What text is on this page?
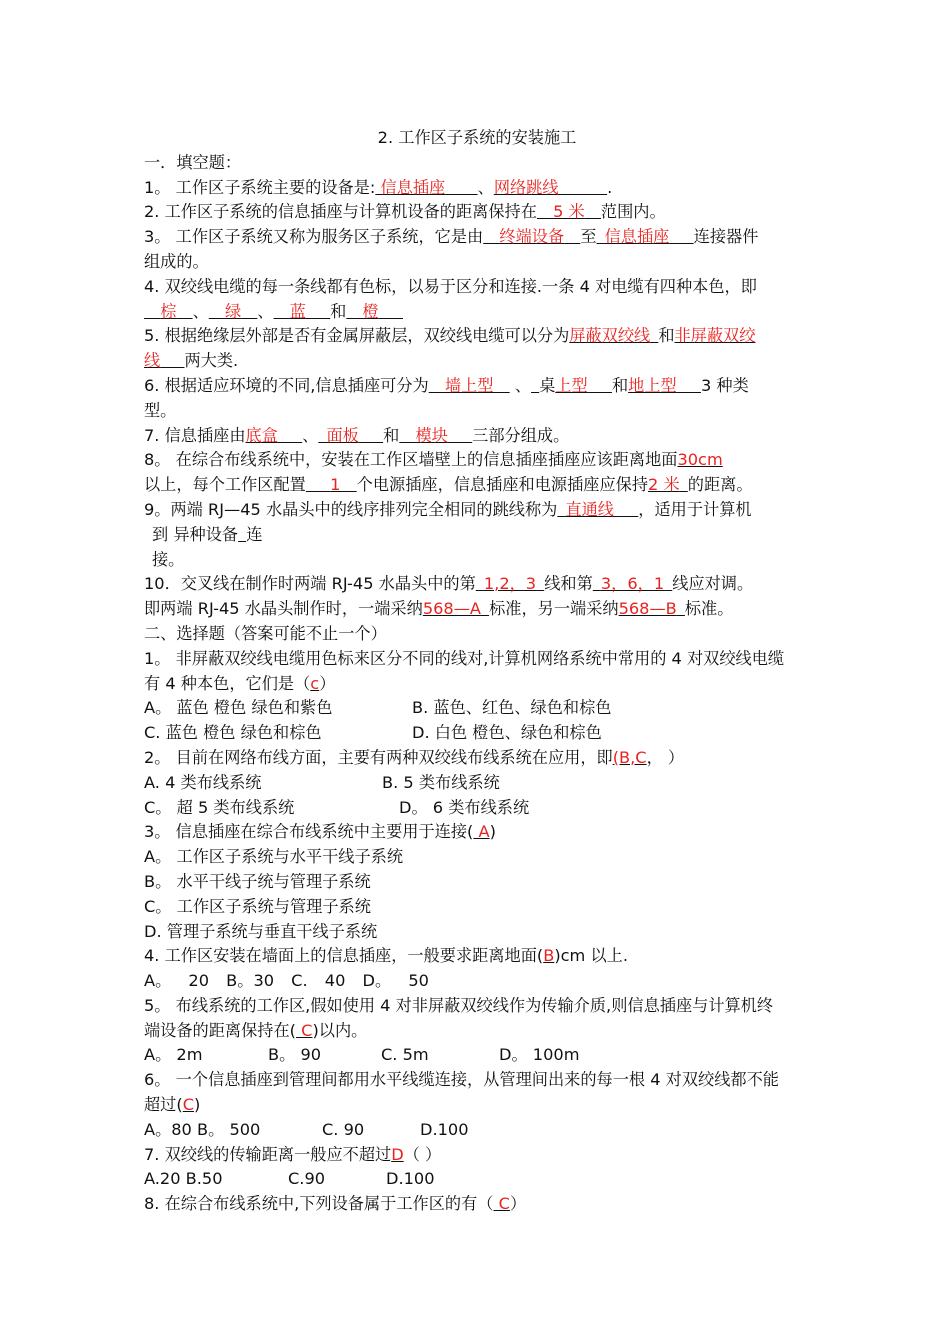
2. 工作区子系统的安装施工
一．填空题：
1。 工作区子系统主要的设备是: 信息插座   、网络跳线   	.
2. 工作区子系统的信息插座与计算机设备的距离保持在   5 米   范围内。
3。 工作区子系统又称为服务区子系统，它是由   终端设备  至  信息插座   连接器件
组成的。
4. 双绞线电缆的每一条线都有色标，以易于区分和连接.一条 4 对电缆有四种本色，即
  棕  、   绿  、   蓝   和   橙  
5. 根据绝缘层外部是否有金属屏蔽层，双绞线电缆可以分为屏蔽双绞线  和非屏蔽双绞
线   两大类.
6. 根据适应环境的不同,信息插座可分为   墙上型  、  桌上型   和地上型   3 种类
型。
7. 信息插座由底盒   、  面板   和   模块   三部分组成。
8。 在综合布线系统中，安装在工作区墙壁上的信息插座插座应该距离地面30cm
以上，每个工作区配置   1   个电源插座，信息插座和电源插座应保持2 米  的距离。
9。两端 RJ—45 水晶头中的线序排列完全相同的跳线称为  直通线   ，适用于计算机
到 异种设备  连
接。
10．交叉线在制作时两端 RJ-45 水晶头中的第  1,2，3  线和第  3，6，1  线应对调。
即两端 RJ-45 水晶头制作时，一端采纳568—A  标准，另一端采纳568—B  标准。
二、选择题（答案可能不止一个）
1。 非屏蔽双绞线电缆用色标来区分不同的线对,计算机网络系统中常用的 4 对双绞线电缆
有 4 种本色，它们是（c）
A。 蓝色 橙色 绿色和紫色	B. 蓝色、红色、绿色和棕色
C. 蓝色 橙色 绿色和棕色	D. 白色 橙色、绿色和棕色
2。 目前在网络布线方面，主要有两种双绞线布线系统在应用，即(B,C， ）
A. 4 类布线系统	B. 5 类布线系统
C。 超 5 类布线系统	D。 6 类布线系统
3。 信息插座在综合布线系统中主要用于连接( A)
A。 工作区子系统与水平干线子系统
B。 水平干线子统与管理子系统
C。 工作区子系统与管理子系统
D. 管理子系统与垂直干线子系统
4. 工作区安装在墙面上的信息插座，一般要求距离地面(B)cm 以上.
A。 20 B。30 C. 40 D。 50
5。 布线系统的工作区,假如使用 4 对非屏蔽双绞线作为传输介质,则信息插座与计算机终
端设备的距离保持在( C)以内。
A。 2m	B。 90	C. 5m	D。 100m
6。 一个信息插座到管理间都用水平线缆连接，从管理间出来的每一根 4 对双绞线都不能
超过(C)
A。80 B。 500	C. 90	D.100
7. 双绞线的传输距离一般应不超过D（ ）
A.20 B.50	C.90	D.100
8. 在综合布线系统中,下列设备属于工作区的有（ C）
